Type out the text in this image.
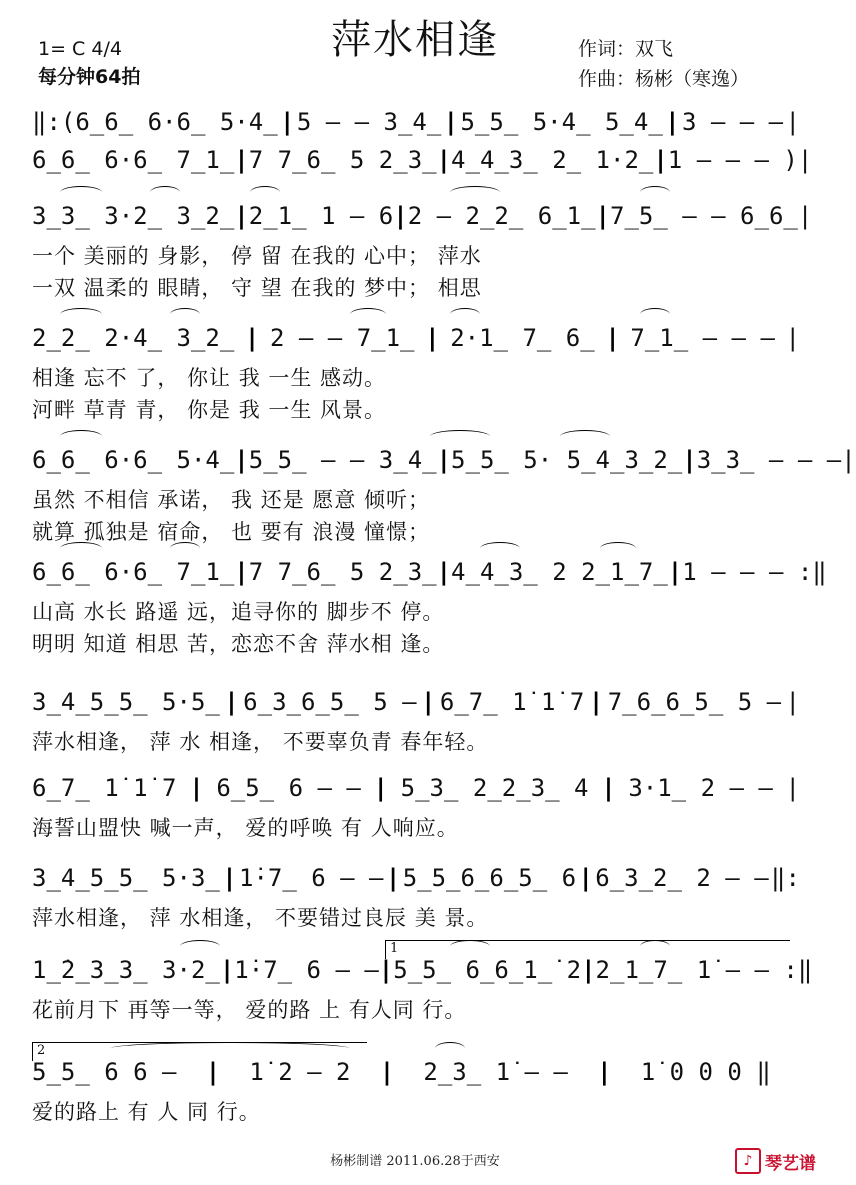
萍水相逢
1= C 4/4
每分钟64拍
作词：双飞
作曲：杨彬（寒逸）
‖:(6̲6̲ 6·6̲ 5·4̲ | 5 – – 3̲4̲ | 5̲5̲ 5·4̲ 5̲4̲ | 3 – – – |
6̲6̲ 6·6̲ 7̲1̲̇ | 7 7̲6̲ 5 2̲3̲ | 4̲4̲3̲ 2̲ 1·2̲ | 1 – – – ) |
3̲3̲ 3·2̲ 3̲2̲ | 2̲1̲ 1 – 6̣ | 2 – 2̲2̲ 6̲1̲ | 7̲5̲ – – 6̲6̲ |
一个 美丽的 身影， 停 留 在我的 心中； 萍水
一双 温柔的 眼睛， 守 望 在我的 梦中； 相思
2̲2̲ 2·4̲ 3̲2̲ | 2 – – 7̲1̲ | 2·1̲ 7̲ 6̲ | 7̲1̲ – – – |
相逢 忘不 了， 你让 我 一生 感动。
河畔 草青 青， 你是 我 一生 风景。
6̲6̲ 6·6̲ 5·4̲ | 5̲5̲ – – 3̲4̲ | 5̲5̲ 5· 5̲4̲3̲2̲ | 3̲3̲ – – – |
虽然 不相信 承诺， 我 还是 愿意 倾听；
就算 孤独是 宿命， 也 要有 浪漫 憧憬；
6̲6̲ 6·6̲ 7̲1̲̇ | 7 7̲6̲ 5 2̲3̲ | 4̲4̲3̲ 2 2̲1̲7̲ | 1 – – – :‖
山高 水长 路遥 远，追寻你的 脚步不 停。
明明 知道 相思 苦，恋恋不舍 萍水相 逢。
3̲4̲5̲5̲ 5·5̲ | 6̲3̲6̲5̲ 5 – | 6̲7̲ 1̇ 1̇ 7 | 7̲6̲6̲5̲ 5 – |
萍水相逢， 萍 水 相逢， 不要辜负青 春年轻。
6̲7̲ 1̇ 1̇ 7 | 6̲5̲ 6 – – | 5̲3̲ 2̲2̲3̲ 4 | 3·1̲ 2 – – |
海誓山盟快 喊一声， 爱的呼唤 有 人响应。
3̲4̲5̲5̲ 5·3̲ | 1̇·7̲ 6 – – | 5̲5̲6̲6̲5̲ 6 | 6̲3̲2̲ 2 – – ‖:
萍水相逢， 萍 水相逢， 不要错过良辰 美 景。
1̲̇2̲3̲3̲ 3·2̲ | 1̇·7̲ 6 – – | 5̲5̲ 6̲6̲1̲̇ 2 | 2̲1̲7̲ 1̇ – – :‖
花前月下 再等一等， 爱的路 上 有人同 行。
5̲5̲ 6 6 – | 1̇ 2 – 2 | 2̲3̲ 1̇ – – | 1̇ 0 0 0 ‖
爱的路上 有 人 同 行。
1
2
杨彬制谱 2011.06.28于西安	♪ 琴艺谱
